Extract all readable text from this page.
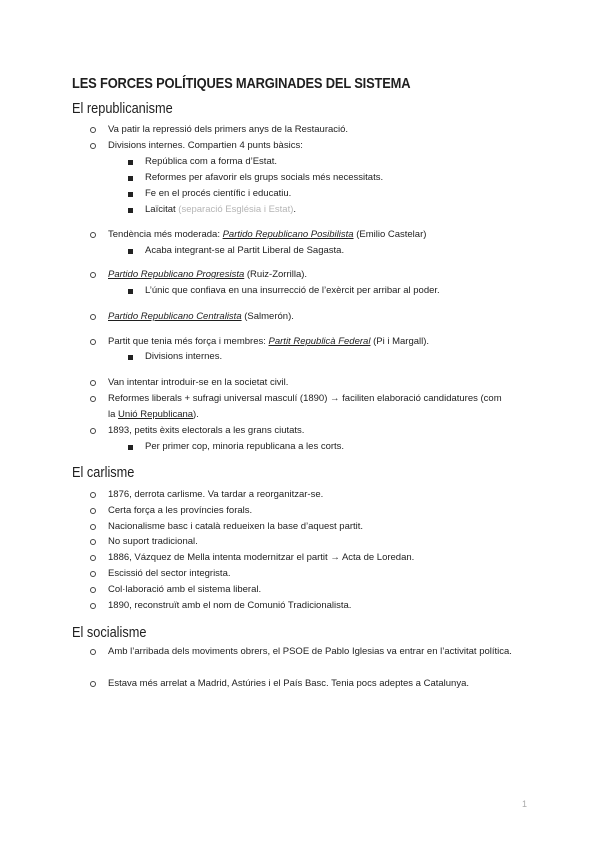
LES FORCES POLÍTIQUES MARGINADES DEL SISTEMA
El republicanisme
Va patir la repressió dels primers anys de la Restauració.
Divisions internes. Compartien 4 punts bàsics:
República com a forma d’Estat.
Reformes per afavorir els grups socials més necessitats.
Fe en el procés científic i educatiu.
Laïcitat (separació Església i Estat).
Tendència més moderada: Partido Republicano Posibilista (Emilio Castelar)
Acaba integrant-se al Partit Liberal de Sagasta.
Partido Republicano Progresista (Ruiz-Zorrilla).
L’únic que confiava en una insurrecció de l’exèrcit per arribar al poder.
Partido Republicano Centralista (Salmerón).
Partit que tenia més força i membres: Partit Republicà Federal (Pi i Margall).
Divisions internes.
Van intentar introduir-se en la societat civil.
Reformes liberals + sufragi universal masculí (1890) → faciliten elaboració candidatures (com
la Unió Republicana).
1893, petits èxits electorals a les grans ciutats.
Per primer cop, minoria republicana a les corts.
El carlisme
1876, derrota carlisme. Va tardar a reorganitzar-se.
Certa força a les províncies forals.
Nacionalisme basc i català redueixen la base d’aquest partit.
No suport tradicional.
1886, Vázquez de Mella intenta modernitzar el partit → Acta de Loredan.
Escissió del sector integrista.
Col·laboració amb el sistema liberal.
1890, reconstruït amb el nom de Comunió Tradicionalista.
El socialisme
Amb l’arribada dels moviments obrers, el PSOE de Pablo Iglesias va entrar en l’activitat política.
Estava més arrelat a Madrid, Astúries i el País Basc. Tenia pocs adeptes a Catalunya.
1
